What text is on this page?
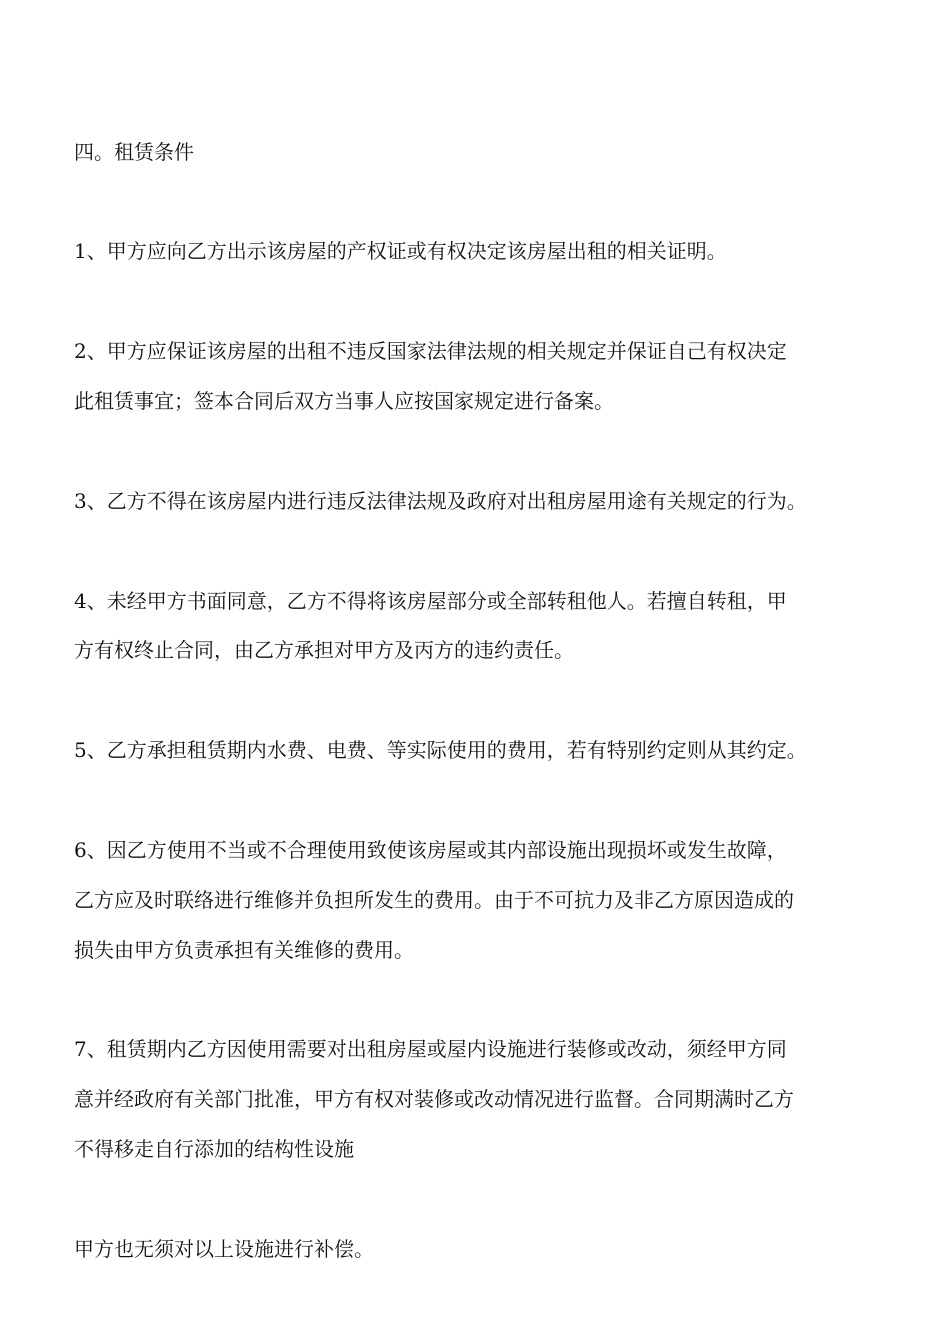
四。租赁条件
1、甲方应向乙方出示该房屋的产权证或有权决定该房屋出租的相关证明。
2、甲方应保证该房屋的出租不违反国家法律法规的相关规定并保证自己有权决定
此租赁事宜；签本合同后双方当事人应按国家规定进行备案。
3、乙方不得在该房屋内进行违反法律法规及政府对出租房屋用途有关规定的行为。
4、未经甲方书面同意，乙方不得将该房屋部分或全部转租他人。若擅自转租，甲
方有权终止合同，由乙方承担对甲方及丙方的违约责任。
5、乙方承担租赁期内水费、电费、等实际使用的费用，若有特别约定则从其约定。
6、因乙方使用不当或不合理使用致使该房屋或其内部设施出现损坏或发生故障，
乙方应及时联络进行维修并负担所发生的费用。由于不可抗力及非乙方原因造成的
损失由甲方负责承担有关维修的费用。
7、租赁期内乙方因使用需要对出租房屋或屋内设施进行装修或改动，须经甲方同
意并经政府有关部门批准，甲方有权对装修或改动情况进行监督。合同期满时乙方
不得移走自行添加的结构性设施
甲方也无须对以上设施进行补偿。
